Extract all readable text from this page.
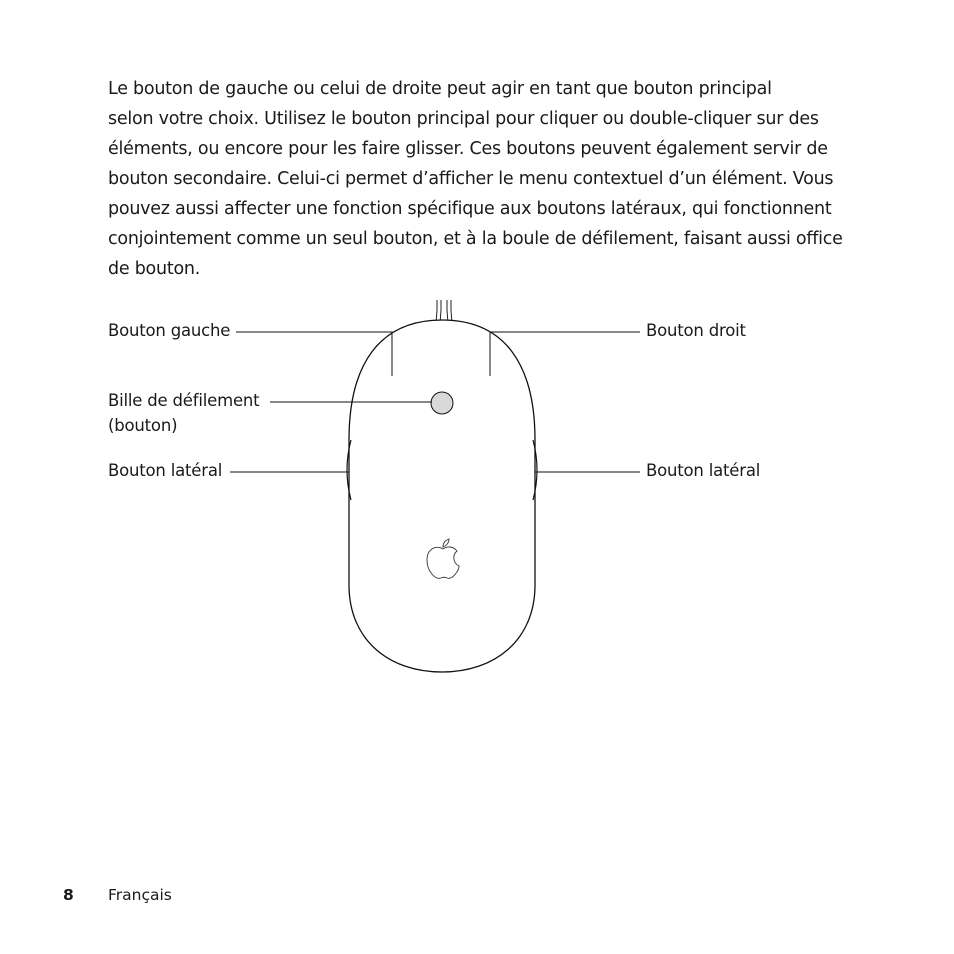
Le bouton de gauche ou celui de droite peut agir en tant que bouton principal
selon votre choix. Utilisez le bouton principal pour cliquer ou double-cliquer sur des
éléments, ou encore pour les faire glisser. Ces boutons peuvent également servir de
bouton secondaire. Celui-ci permet d’afficher le menu contextuel d’un élément. Vous
pouvez aussi affecter une fonction spécifique aux boutons latéraux, qui fonctionnent
conjointement comme un seul bouton, et à la boule de défilement, faisant aussi office
de bouton.

Bouton gauche	Bouton droit
Bille de défilement
(bouton)
Bouton latéral	Bouton latéral
8 Français
